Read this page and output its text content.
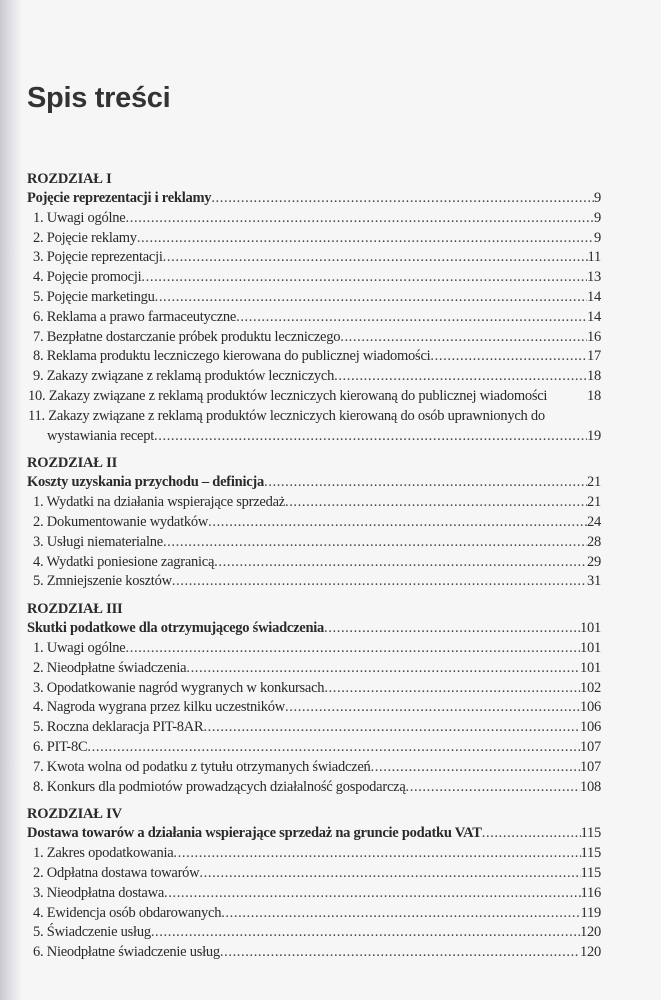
Spis treści
ROZDZIAŁ I
Pojęcie reprezentacji i reklamy .....	9
1. Uwagi ogólne .....	9
2. Pojęcie reklamy .....	9
3. Pojęcie reprezentacji .....	11
4. Pojęcie promocji .....	13
5. Pojęcie marketingu .....	14
6. Reklama a prawo farmaceutyczne .....	14
7. Bezpłatne dostarczanie próbek produktu leczniczego .....	16
8. Reklama produktu leczniczego kierowana do publicznej wiadomości .....	17
9. Zakazy związane z reklamą produktów leczniczych .....	18
10. Zakazy związane z reklamą produktów leczniczych kierowaną do publicznej wiadomości	18
11. Zakazy związane z reklamą produktów leczniczych kierowaną do osób uprawnionych do
wystawiania recept .....	19
ROZDZIAŁ II
Koszty uzyskania przychodu – definicja .....	21
1. Wydatki na działania wspierające sprzedaż .....	21
2. Dokumentowanie wydatków .....	24
3. Usługi niematerialne .....	28
4. Wydatki poniesione zagranicą .....	29
5. Zmniejszenie kosztów .....	31
ROZDZIAŁ III
Skutki podatkowe dla otrzymującego świadczenia .....	101
1. Uwagi ogólne .....	101
2. Nieodpłatne świadczenia .....	101
3. Opodatkowanie nagród wygranych w konkursach .....	102
4. Nagroda wygrana przez kilku uczestników .....	106
5. Roczna deklaracja PIT-8AR .....	106
6. PIT-8C .....	107
7. Kwota wolna od podatku z tytułu otrzymanych świadczeń .....	107
8. Konkurs dla podmiotów prowadzących działalność gospodarczą .....	108
ROZDZIAŁ IV
Dostawa towarów a działania wspierające sprzedaż na gruncie podatku VAT .....	115
1. Zakres opodatkowania .....	115
2. Odpłatna dostawa towarów .....	115
3. Nieodpłatna dostawa .....	116
4. Ewidencja osób obdarowanych .....	119
5. Świadczenie usług .....	120
6. Nieodpłatne świadczenie usług .....	120
